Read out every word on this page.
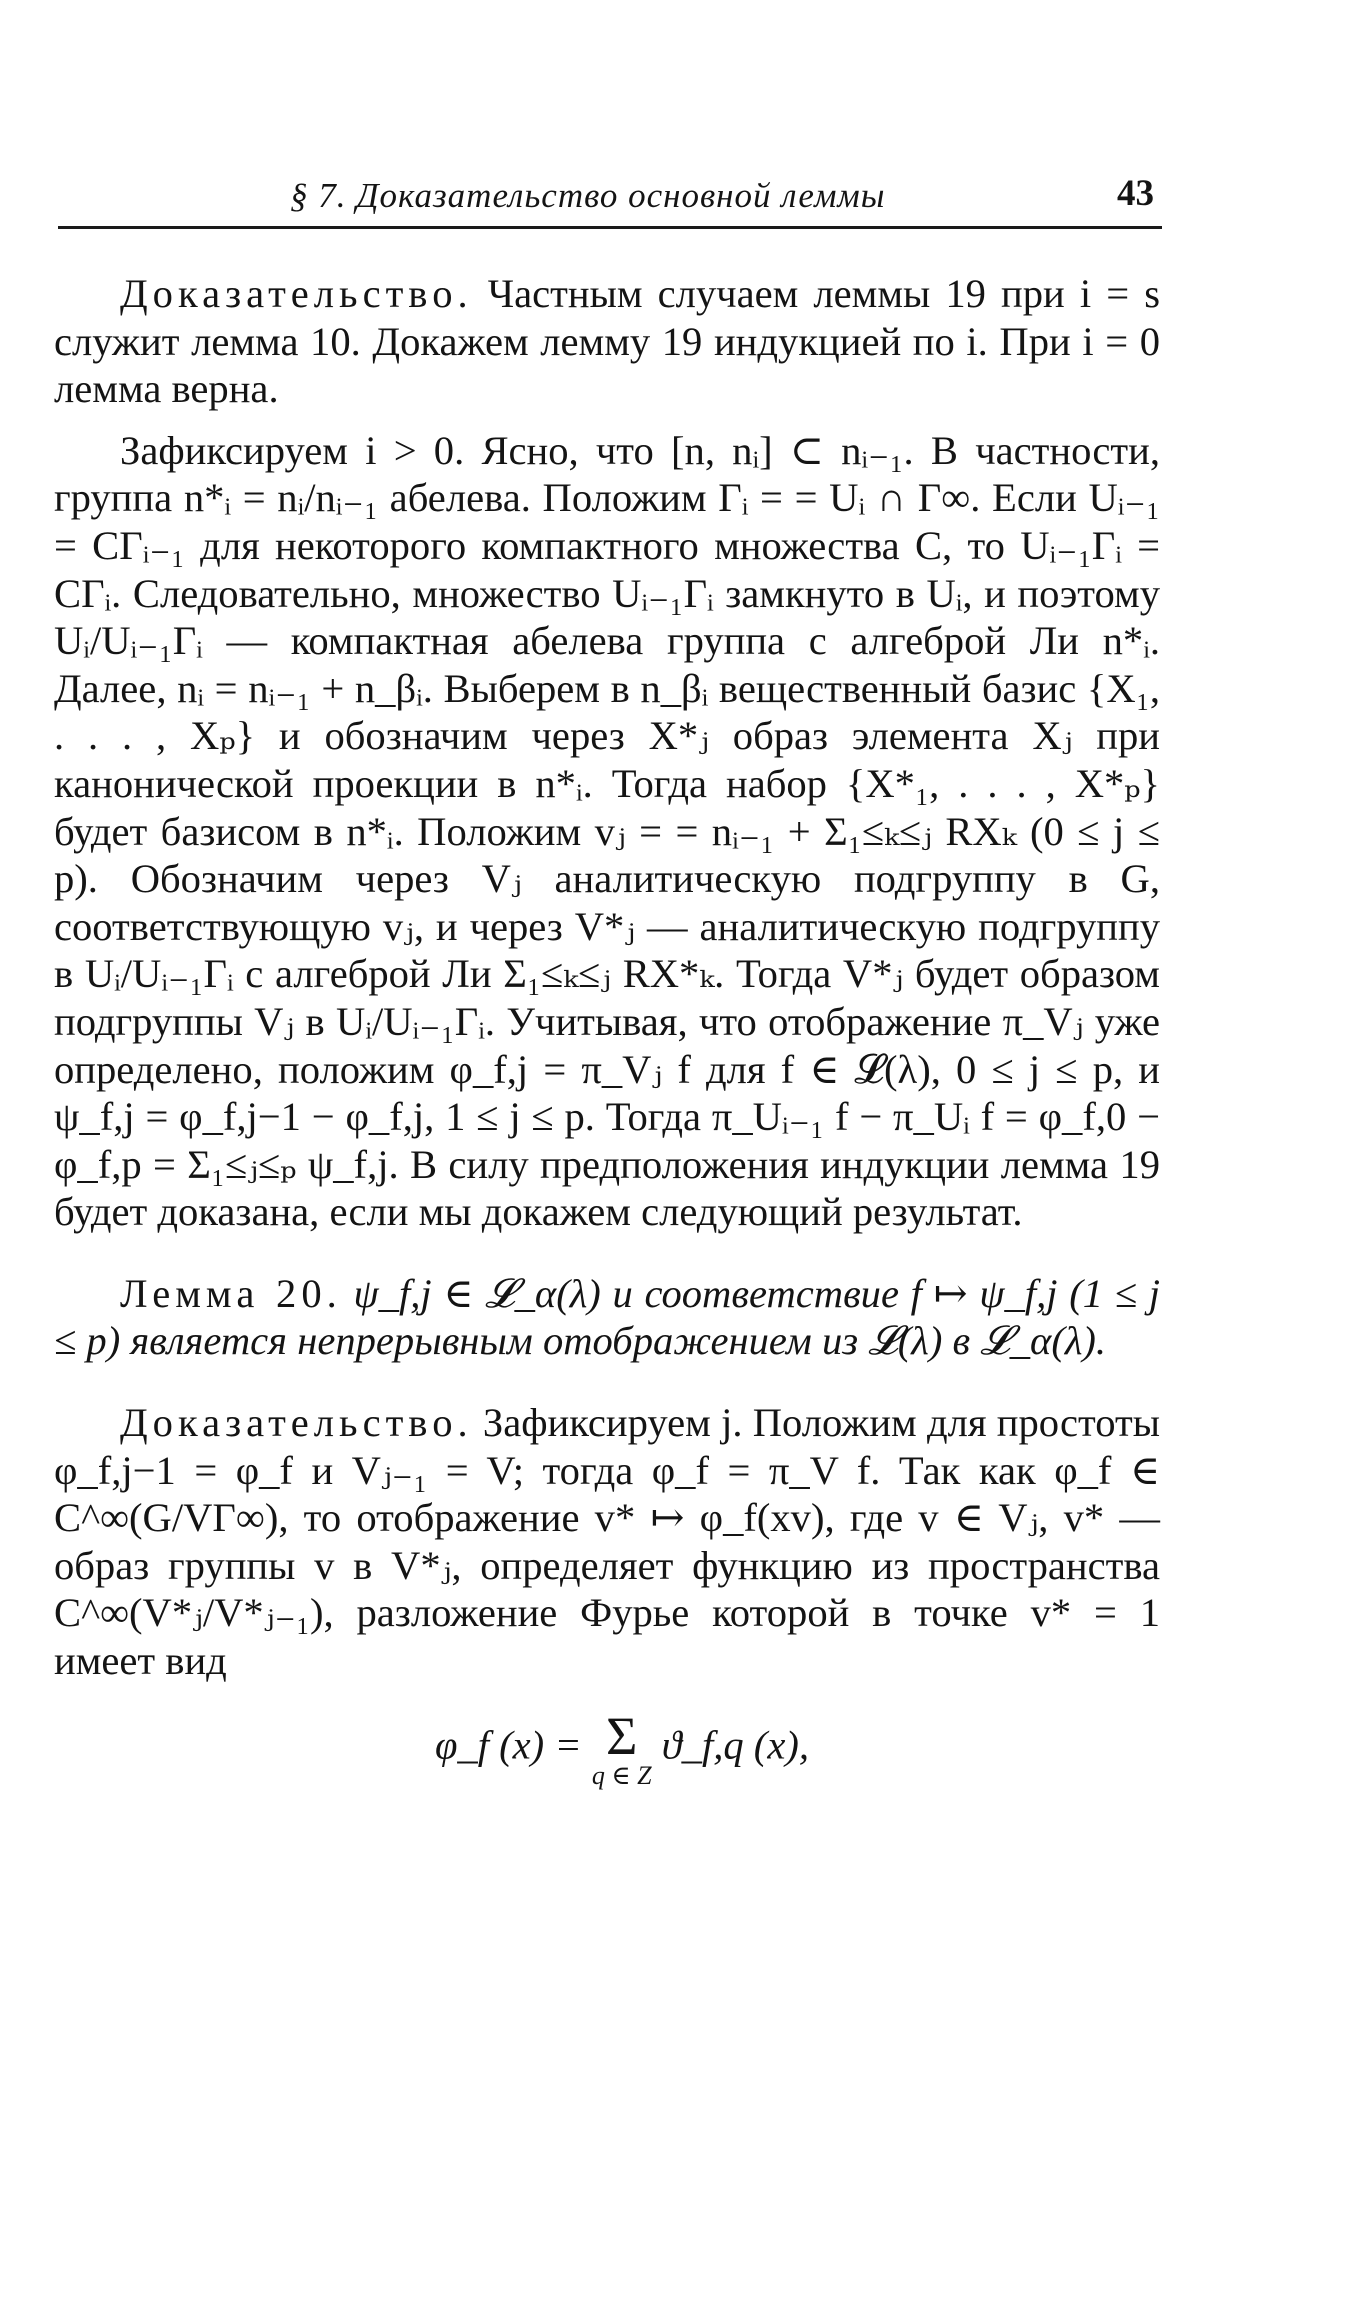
§ 7. Доказательство основной леммы	43

Доказательство. Частным случаем леммы 19 при i = s служит лемма 10. Докажем лемму 19 индукцией по i. При i = 0 лемма верна.

Зафиксируем i > 0. Ясно, что [n, nᵢ] ⊂ nᵢ₋₁. В частности, группа n*ᵢ = nᵢ/nᵢ₋₁ абелева. Положим Γᵢ = = Uᵢ ∩ Γ∞. Если Uᵢ₋₁ = CΓᵢ₋₁ для некоторого компактного множества C, то Uᵢ₋₁Γᵢ = CΓᵢ. Следовательно, множество Uᵢ₋₁Γᵢ замкнуто в Uᵢ, и поэтому Uᵢ/Uᵢ₋₁Γᵢ — компактная абелева группа с алгеброй Ли n*ᵢ. Далее, nᵢ = nᵢ₋₁ + n_βᵢ. Выберем в n_βᵢ вещественный базис {X₁, . . . , Xₚ} и обозначим через X*ⱼ образ элемента Xⱼ при канонической проекции в n*ᵢ. Тогда набор {X*₁, . . . , X*ₚ} будет базисом в n*ᵢ. Положим vⱼ = = nᵢ₋₁ + Σ₁≤ₖ≤ⱼ RXₖ (0 ≤ j ≤ p). Обозначим через Vⱼ аналитическую подгруппу в G, соответствующую vⱼ, и через V*ⱼ — аналитическую подгруппу в Uᵢ/Uᵢ₋₁Γᵢ с алгеброй Ли Σ₁≤ₖ≤ⱼ RX*ₖ. Тогда V*ⱼ будет образом подгруппы Vⱼ в Uᵢ/Uᵢ₋₁Γᵢ. Учитывая, что отображение π_Vⱼ уже определено, положим φ_f,j = π_Vⱼ f для f ∈ 𝓛(λ), 0 ≤ j ≤ p, и ψ_f,j = φ_f,j−1 − φ_f,j, 1 ≤ j ≤ p. Тогда π_Uᵢ₋₁ f − π_Uᵢ f = φ_f,0 − φ_f,p = Σ₁≤ⱼ≤ₚ ψ_f,j. В силу предположения индукции лемма 19 будет доказана, если мы докажем следующий результат.

Лемма 20. ψ_f,j ∈ 𝓛_α(λ) и соответствие f ↦ ψ_f,j (1 ≤ j ≤ p) является непрерывным отображением из 𝓛(λ) в 𝓛_α(λ).

Доказательство. Зафиксируем j. Положим для простоты φ_f,j−1 = φ_f и Vⱼ₋₁ = V; тогда φ_f = π_V f. Так как φ_f ∈ C^∞(G/VΓ∞), то отображение v* ↦ φ_f(xv), где v ∈ Vⱼ, v* — образ группы v в V*ⱼ, определяет функцию из пространства C^∞(V*ⱼ/V*ⱼ₋₁), разложение Фурье которой в точке v* = 1 имеет вид

φ_f (x) = Σ
q ∈ Z
ϑ_f,q (x),
